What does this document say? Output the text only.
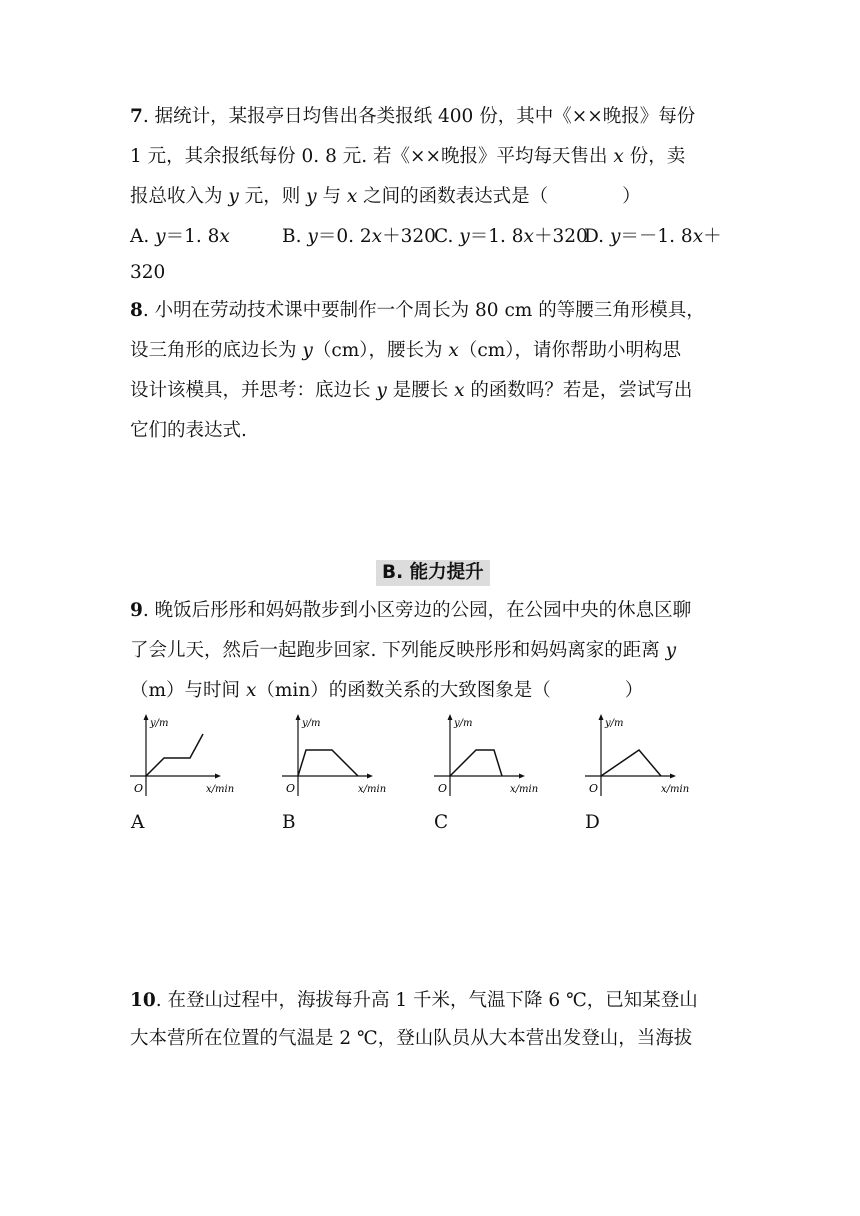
7. 据统计，某报亭日均售出各类报纸 400 份，其中《××晚报》每份
1 元，其余报纸每份 0. 8 元. 若《××晚报》平均每天售出 x 份，卖
报总收入为 y 元，则 y 与 x 之间的函数表达式是（　　　　）
A. y＝1. 8x	B. y＝0. 2x＋320
C. y＝1. 8x＋320
D. y＝－1. 8x＋
320
8. 小明在劳动技术课中要制作一个周长为 80 cm 的等腰三角形模具，
设三角形的底边长为 y（cm），腰长为 x（cm），请你帮助小明构思
设计该模具，并思考：底边长 y 是腰长 x 的函数吗？若是，尝试写出
它们的表达式.
B. 能力提升
9. 晚饭后彤彤和妈妈散步到小区旁边的公园，在公园中央的休息区聊
了会儿天，然后一起跑步回家. 下列能反映彤彤和妈妈离家的距离 y
（m）与时间 x（min）的函数关系的大致图象是（　　　　）
y/m
x/min
O
y/m
x/min
O
y/m
x/min
O
y/m
x/min
O
A	B	C	D
10. 在登山过程中，海拔每升高 1 千米，气温下降 6 ℃，已知某登山
大本营所在位置的气温是 2 ℃，登山队员从大本营出发登山，当海拔
